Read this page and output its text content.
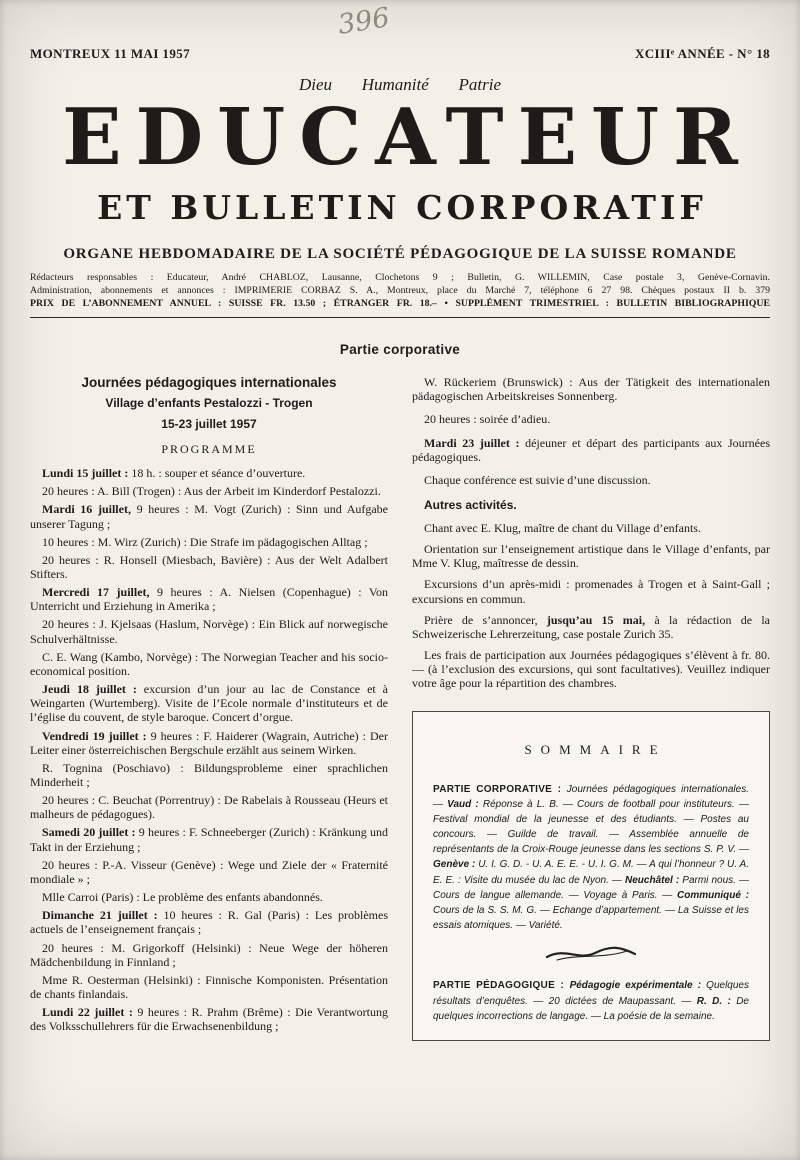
396
MONTREUX 11 MAI 1957	XCIIIᵉ ANNÉE - N° 18
Dieu Humanité Patrie
EDUCATEUR
ET BULLETIN CORPORATIF
ORGANE HEBDOMADAIRE DE LA SOCIÉTÉ PÉDAGOGIQUE DE LA SUISSE ROMANDE
Rédacteurs responsables : Educateur, André CHABLOZ, Lausanne, Clochetons 9 ; Bulletin, G. WILLEMIN, Case postale 3, Genève-Cornavin.
Administration, abonnements et annonces : IMPRIMERIE CORBAZ S. A., Montreux, place du Marché 7, téléphone 6 27 98. Chèques postaux II b. 379
PRIX DE L’ABONNEMENT ANNUEL : SUISSE FR. 13.50 ; ÉTRANGER FR. 18.– • SUPPLÉMENT TRIMESTRIEL : BULLETIN BIBLIOGRAPHIQUE
Partie corporative
Journées pédagogiques internationales
Village d’enfants Pestalozzi - Trogen
15-23 juillet 1957
PROGRAMME

Lundi 15 juillet : 18 h. : souper et séance d’ouverture.

20 heures : A. Bill (Trogen) : Aus der Arbeit im Kinderdorf Pestalozzi.

Mardi 16 juillet, 9 heures : M. Vogt (Zurich) : Sinn und Aufgabe unserer Tagung ;

10 heures : M. Wirz (Zurich) : Die Strafe im pädagogischen Alltag ;

20 heures : R. Honsell (Miesbach, Bavière) : Aus der Welt Adalbert Stifters.

Mercredi 17 juillet, 9 heures : A. Nielsen (Copenhague) : Von Unterricht und Erziehung in Amerika ;

20 heures : J. Kjelsaas (Haslum, Norvège) : Ein Blick auf norwegische Schulverhältnisse.

C. E. Wang (Kambo, Norvège) : The Norwegian Teacher and his socio-economical position.

Jeudi 18 juillet : excursion d’un jour au lac de Constance et à Weingarten (Wurtemberg). Visite de l’Ecole normale d’instituteurs et de l’église du couvent, de style baroque. Concert d’orgue.

Vendredi 19 juillet : 9 heures : F. Haiderer (Wagrain, Autriche) : Der Leiter einer österreichischen Bergschule erzählt aus seinem Wirken.

R. Tognina (Poschiavo) : Bildungsprobleme einer sprachlichen Minderheit ;

20 heures : C. Beuchat (Porrentruy) : De Rabelais à Rousseau (Heurs et malheurs de pédagogues).

Samedi 20 juillet : 9 heures : F. Schneeberger (Zurich) : Kränkung und Takt in der Erziehung ;

20 heures : P.-A. Visseur (Genève) : Wege und Ziele der « Fraternité mondiale » ;

Mlle Carroi (Paris) : Le problème des enfants abandonnés.

Dimanche 21 juillet : 10 heures : R. Gal (Paris) : Les problèmes actuels de l’enseignement français ;

20 heures : M. Grigorkoff (Helsinki) : Neue Wege der höheren Mädchenbildung in Finnland ;

Mme R. Oesterman (Helsinki) : Finnische Komponisten. Présentation de chants finlandais.

Lundi 22 juillet : 9 heures : R. Prahm (Brême) : Die Verantwortung des Volksschullehrers für die Erwachsenenbildung ;

W. Rückeriem (Brunswick) : Aus der Tätigkeit des internationalen pädagogischen Arbeitskreises Sonnenberg.

20 heures : soirée d’adieu.

Mardi 23 juillet : déjeuner et départ des participants aux Journées pédagogiques.

Chaque conférence est suivie d’une discussion.

Autres activités.

Chant avec E. Klug, maître de chant du Village d’enfants.

Orientation sur l’enseignement artistique dans le Village d’enfants, par Mme V. Klug, maîtresse de dessin.

Excursions d’un après-midi : promenades à Trogen et à Saint-Gall ; excursions en commun.

Prière de s’annoncer, jusqu’au 15 mai, à la rédaction de la Schweizerische Lehrerzeitung, case postale Zurich 35.

Les frais de participation aux Journées pédagogiques s’élèvent à fr. 80.— (à l’exclusion des excursions, qui sont facultatives). Veuillez indiquer votre âge pour la répartition des chambres.

SOMMAIRE

PARTIE CORPORATIVE : Journées pédagogiques internationales. — Vaud : Réponse à L. B. — Cours de football pour instituteurs. — Festival mondial de la jeunesse et des étudiants. — Postes au concours. — Guilde de travail. — Assemblée annuelle de représentants de la Croix-Rouge jeunesse dans les sections S. P. V. — Genève : U. I. G. D. - U. A. E. E. - U. I. G. M. — A qui l’honneur ? U. A. E. E. : Visite du musée du lac de Nyon. — Neuchâtel : Parmi nous. — Cours de langue allemande. — Voyage à Paris. — Communiqué : Cours de la S. S. M. G. — Echange d’appartement. — La Suisse et les essais atomiques. — Variété.

PARTIE PÉDAGOGIQUE : Pédagogie expérimentale : Quelques résultats d’enquêtes. — 20 dictées de Maupassant. — R. D. : De quelques incorrections de langage. — La poésie de la semaine.
